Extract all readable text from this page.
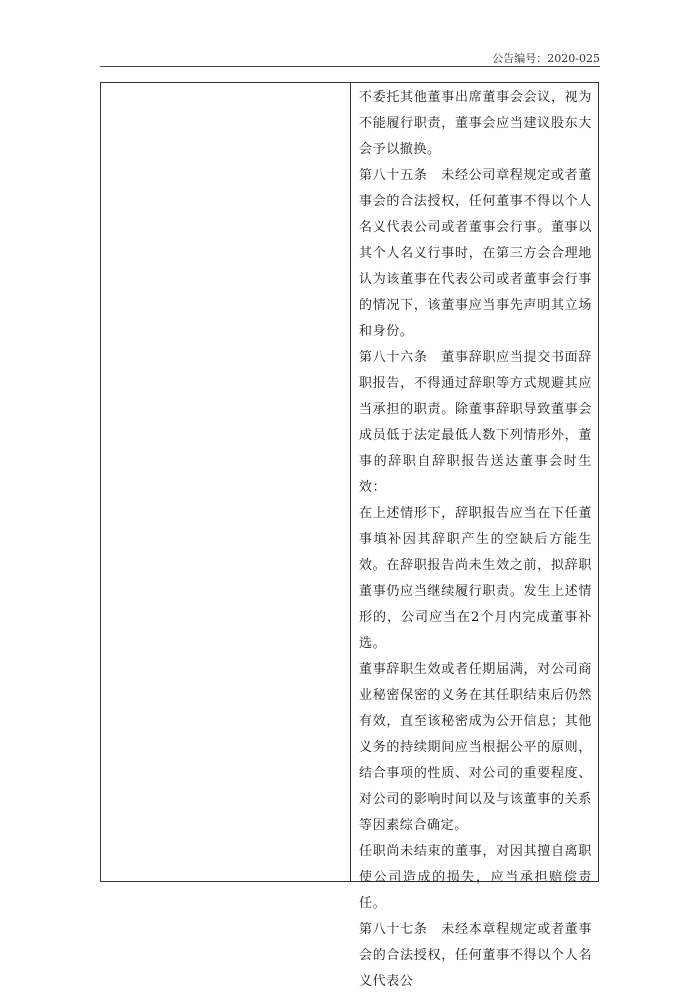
公告编号：2020-025

不委托其他董事出席董事会会议，视为不能履行职责，董事会应当建议股东大会予以撤换。

第八十五条　未经公司章程规定或者董事会的合法授权，任何董事不得以个人名义代表公司或者董事会行事。董事以其个人名义行事时，在第三方会合理地认为该董事在代表公司或者董事会行事的情况下，该董事应当事先声明其立场和身份。

第八十六条　董事辞职应当提交书面辞职报告，不得通过辞职等方式规避其应当承担的职责。除董事辞职导致董事会成员低于法定最低人数下列情形外，董事的辞职自辞职报告送达董事会时生效：

在上述情形下，辞职报告应当在下任董事填补因其辞职产生的空缺后方能生效。在辞职报告尚未生效之前，拟辞职董事仍应当继续履行职责。发生上述情形的，公司应当在2个月内完成董事补选。

董事辞职生效或者任期届满，对公司商业秘密保密的义务在其任职结束后仍然有效，直至该秘密成为公开信息；其他义务的持续期间应当根据公平的原则，结合事项的性质、对公司的重要程度、对公司的影响时间以及与该董事的关系等因素综合确定。

任职尚未结束的董事，对因其擅自离职使公司造成的损失，应当承担赔偿责任。

第八十七条　未经本章程规定或者董事会的合法授权，任何董事不得以个人名义代表公
